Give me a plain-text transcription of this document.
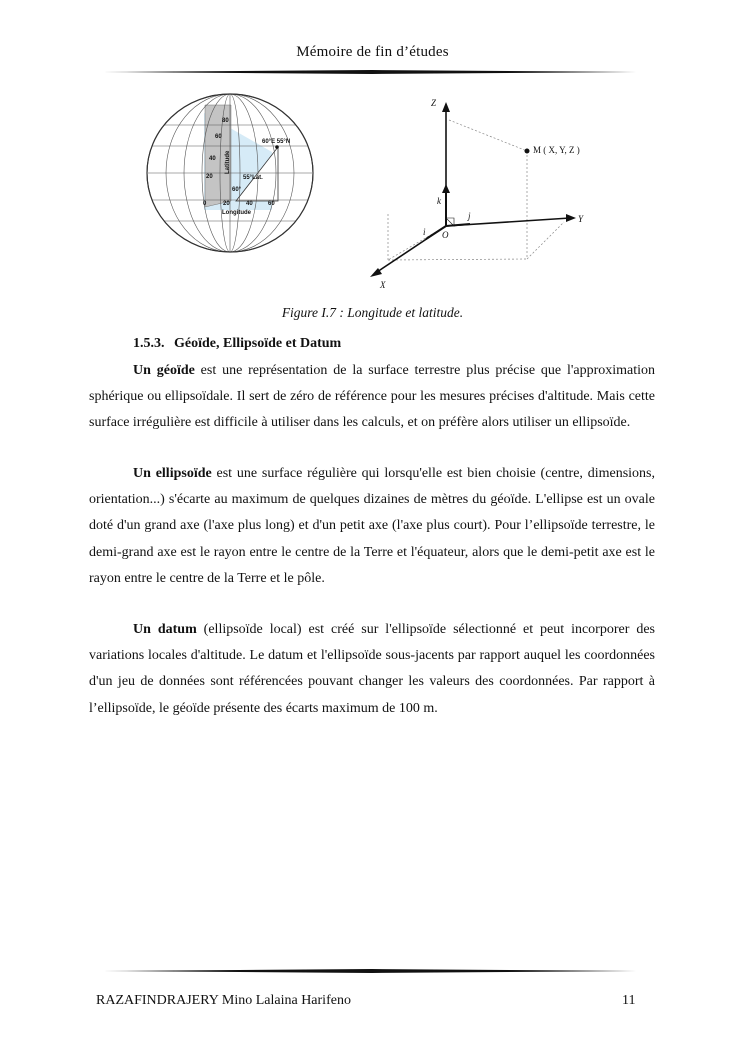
Mémoire de fin d’études
80
60
40
20
0	20	40	60
Longitude
60°E 55°N
55°Lat.
60°
Latitude
Z
Y
X
k
j
i O
M ( X, Y, Z )
Figure I.7 : Longitude et latitude.
1.5.3. Géoïde, Ellipsoïde et Datum

Un géoïde est une représentation de la surface terrestre plus précise que l'approximation sphérique ou ellipsoïdale. Il sert de zéro de référence pour les mesures précises d'altitude. Mais cette surface irrégulière est difficile à utiliser dans les calculs, et on préfère alors utiliser un ellipsoïde.

Un ellipsoïde est une surface régulière qui lorsqu'elle est bien choisie (centre, dimensions, orientation...) s'écarte au maximum de quelques dizaines de mètres du géoïde. L'ellipse est un ovale doté d'un grand axe (l'axe plus long) et d'un petit axe (l'axe plus court). Pour l’ellipsoïde terrestre, le demi-grand axe est le rayon entre le centre de la Terre et l'équateur, alors que le demi-petit axe est le rayon entre le centre de la Terre et le pôle.

Un datum (ellipsoïde local) est créé sur l'ellipsoïde sélectionné et peut incorporer des variations locales d'altitude. Le datum et l'ellipsoïde sous-jacents par rapport auquel les coordonnées d'un jeu de données sont référencées pouvant changer les valeurs des coordonnées. Par rapport à l’ellipsoïde, le géoïde présente des écarts maximum de 100 m.

RAZAFINDRAJERY Mino Lalaina Harifeno	11
